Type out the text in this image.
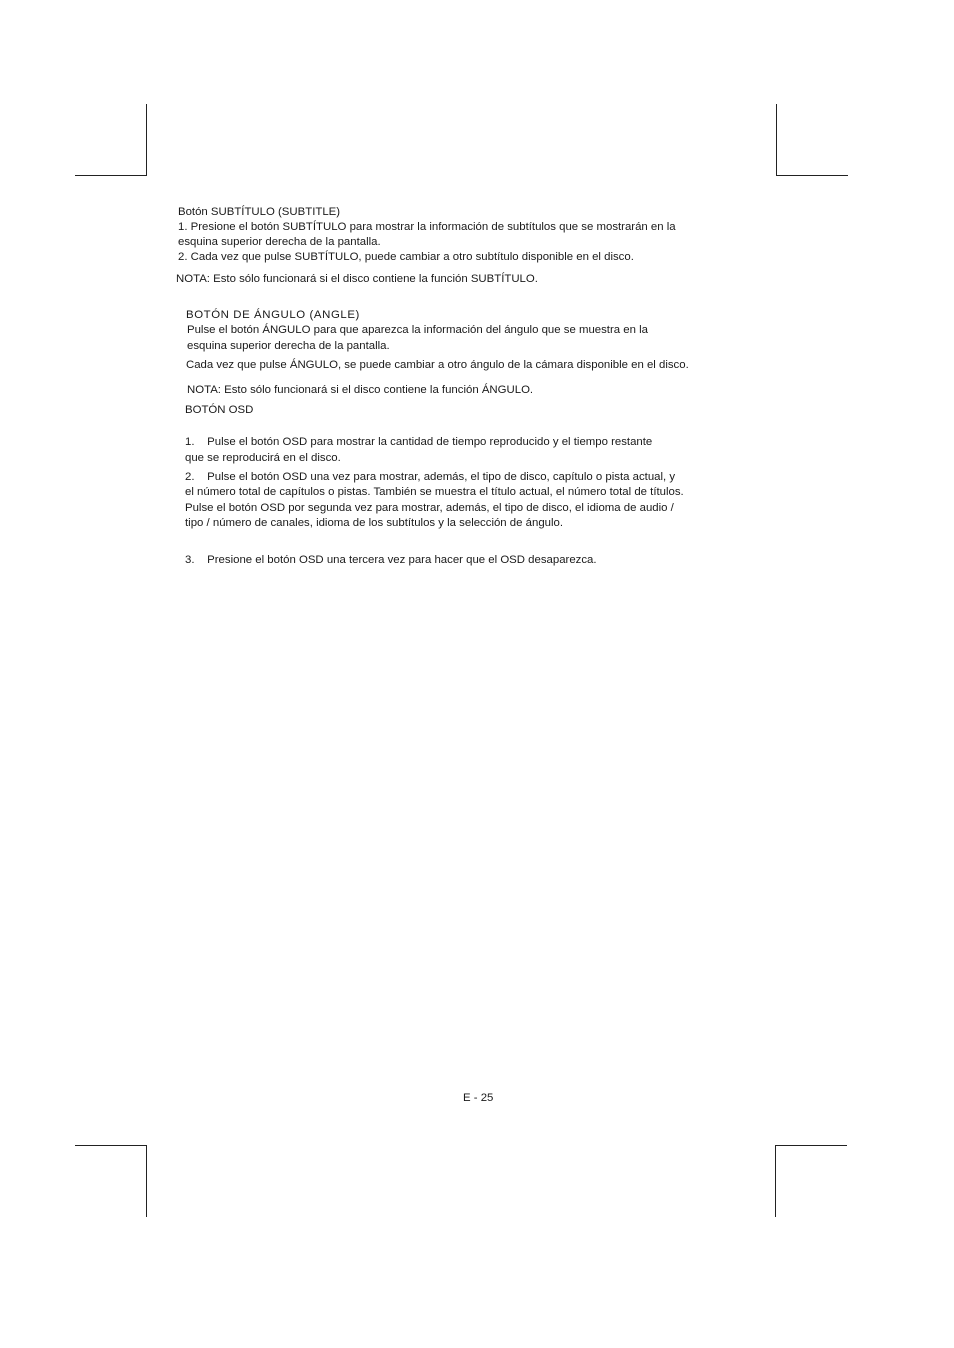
Botón SUBTÍTULO (SUBTITLE)

1. Presione el botón SUBTÍTULO para mostrar la información de subtítulos que se mostrarán en la

esquina superior derecha de la pantalla.

2. Cada vez que pulse SUBTÍTULO, puede cambiar a otro subtítulo disponible en el disco.

NOTA: Esto sólo funcionará si el disco contiene la función SUBTÍTULO.

BOTÓN DE ÁNGULO (ANGLE)

Pulse el botón ÁNGULO para que aparezca la información del ángulo que se muestra en la

esquina superior derecha de la pantalla.

Cada vez que pulse ÁNGULO, se puede cambiar a otro ángulo de la cámara disponible en el disco.

NOTA: Esto sólo funcionará si el disco contiene la función ÁNGULO.

BOTÓN OSD

1.    Pulse el botón OSD para mostrar la cantidad de tiempo reproducido y el tiempo restante

que se reproducirá en el disco.

2.    Pulse el botón OSD una vez para mostrar, además, el tipo de disco, capítulo o pista actual, y

el número total de capítulos o pistas. También se muestra el título actual, el número total de títulos.

Pulse el botón OSD por segunda vez para mostrar, además, el tipo de disco, el idioma de audio /

tipo / número de canales, idioma de los subtítulos y la selección de ángulo.

3.    Presione el botón OSD una tercera vez para hacer que el OSD desaparezca.

E - 25
